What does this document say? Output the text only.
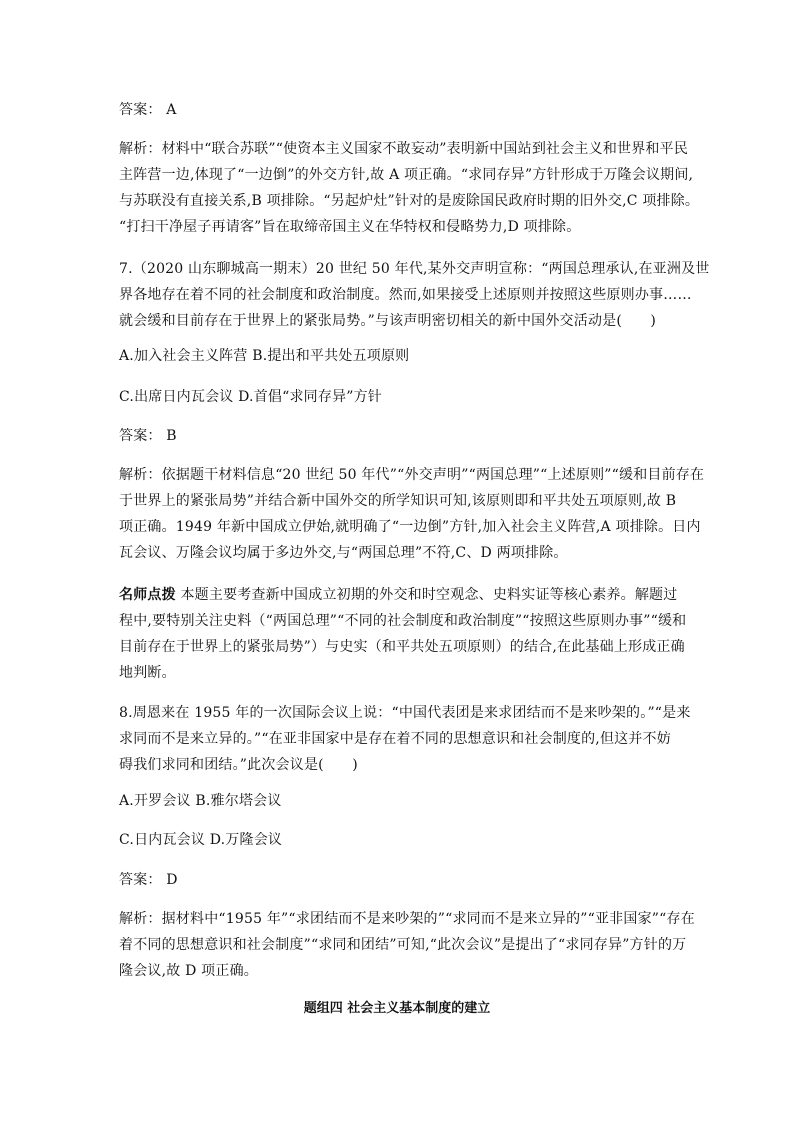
答案： A
解析：材料中“联合苏联”“使资本主义国家不敢妄动”表明新中国站到社会主义和世界和平民
主阵营一边,体现了“一边倒”的外交方针,故 A 项正确。“求同存异”方针形成于万隆会议期间,
与苏联没有直接关系,B 项排除。“另起炉灶”针对的是废除国民政府时期的旧外交,C 项排除。
“打扫干净屋子再请客”旨在取缔帝国主义在华特权和侵略势力,D 项排除。
7.（2020 山东聊城高一期末）20 世纪 50 年代,某外交声明宣称：“两国总理承认,在亚洲及世
界各地存在着不同的社会制度和政治制度。然而,如果接受上述原则并按照这些原则办事……
就会缓和目前存在于世界上的紧张局势。”与该声明密切相关的新中国外交活动是(　　)
A.加入社会主义阵营 B.提出和平共处五项原则
C.出席日内瓦会议 D.首倡“求同存异”方针
答案： B
解析：依据题干材料信息“20 世纪 50 年代”“外交声明”“两国总理”“上述原则”“缓和目前存在
于世界上的紧张局势”并结合新中国外交的所学知识可知,该原则即和平共处五项原则,故 B
项正确。1949 年新中国成立伊始,就明确了“一边倒”方针,加入社会主义阵营,A 项排除。日内
瓦会议、万隆会议均属于多边外交,与“两国总理”不符,C、D 两项排除。
名师点拨 本题主要考查新中国成立初期的外交和时空观念、史料实证等核心素养。解题过
程中,要特别关注史料（“两国总理”“不同的社会制度和政治制度”“按照这些原则办事”“缓和
目前存在于世界上的紧张局势”）与史实（和平共处五项原则）的结合,在此基础上形成正确
地判断。
8.周恩来在 1955 年的一次国际会议上说：“中国代表团是来求团结而不是来吵架的。”“是来
求同而不是来立异的。”“在亚非国家中是存在着不同的思想意识和社会制度的,但这并不妨
碍我们求同和团结。”此次会议是(　　)
A.开罗会议 B.雅尔塔会议
C.日内瓦会议 D.万隆会议
答案： D
解析：据材料中“1955 年”“求团结而不是来吵架的”“求同而不是来立异的”“亚非国家”“存在
着不同的思想意识和社会制度”“求同和团结”可知,“此次会议”是提出了“求同存异”方针的万
隆会议,故 D 项正确。
题组四 社会主义基本制度的建立
